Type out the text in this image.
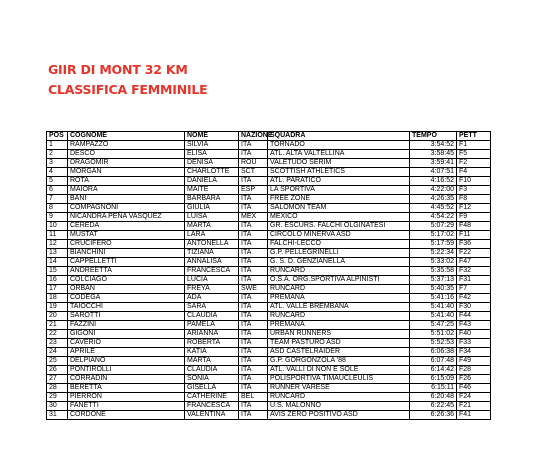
GIIR DI MONT 32 KM
CLASSIFICA FEMMINILE
POS	COGNOME	NOME	NAZIONE	SQUADRA	TEMPO	PETT
1	RAMPAZZO	SILVIA	ITA	TORNADO	3:54:52	F1
2	DESCO	ELISA	ITA	ATL. ALTA VALTELLINA	3:58:45	F5
3	DRAGOMIR	DENISA	ROU	VALETUDO SERIM	3:59:41	F2
4	MORGAN	CHARLOTTE	SCT	SCOTTISH ATHLETICS	4:07:51	F4
5	ROTA	DANIELA	ITA	ATL. PARATICO	4:16:52	F10
6	MAIORA	MAITE	ESP	LA SPORTIVA	4:22:00	F3
7	BANI	BARBARA	ITA	FREE ZONE	4:26:35	F8
8	COMPAGNONI	GIULIA	ITA	SALOMON TEAM	4:45:52	F12
9	NICANDRA PEÑA VASQUEZ	LUISA	MEX	MEXICO	4:54:22	F9
10	CEREDA	MARTA	ITA	GR. ESCURS. FALCHI OLGINATESI	5:07:29	F48
11	MUSTAT	LARA	ITA	CIRCOLO MINERVA ASD	5:17:02	F11
12	CRUCIFERO	ANTONELLA	ITA	FALCHI-LECCO	5:17:59	F36
13	BIANCHINI	TIZIANA	ITA	G.P. PELLEGRINELLI	5:22:34	F22
14	CAPPELLETTI	ANNALISA	ITA	G. S. D. GENZIANELLA	5:33:02	F47
15	ANDREETTA	FRANCESCA	ITA	RUNCARD	5:35:58	F32
16	COLCIAGO	LUCIA	ITA	O.S.A. ORG.SPORTIVA ALPINISTI	5:37:13	F31
17	ORBAN	FREYA	SWE	RUNCARD	5:40:35	F7
18	CODEGA	ADA	ITA	PREMANA	5:41:16	F42
19	TAIOCCHI	SARA	ITA	ATL. VALLE BREMBANA	5:41:40	F30
20	SAROTTI	CLAUDIA	ITA	RUNCARD	5:41:40	F44
21	FAZZINI	PAMELA	ITA	PREMANA	5:47:25	F43
22	GIGONI	ARIANNA	ITA	URBAN RUNNERS	5:51:02	F40
23	CAVERIO	ROBERTA	ITA	TEAM PASTURO ASD	5:52:53	F33
24	APRILE	KATIA	ITA	ASD CASTELRAIDER	6:06:38	F34
25	DELPIANO	MARTA	ITA	G.P. GORGONZOLA '88	6:07:48	F49
26	PONTIROLLI	CLAUDIA	ITA	ATL. VALLI DI NON E SOLE	6:14:42	F28
27	CORRADIN	SONIA	ITA	POLISPORTIVA TIMAUCLEULIS	6:15:09	F26
28	BERETTA	GISELLA	ITA	RUNNER VARESE	6:15:11	F46
29	PIERRON	CATHERINE	BEL	RUNCARD	6:20:48	F24
30	FANETTI	FRANCESCA	ITA	U.S. MALONNO	6:22:45	F21
31	CORDONE	VALENTINA	ITA	AVIS ZERO POSITIVO ASD	6:26:36	F41
